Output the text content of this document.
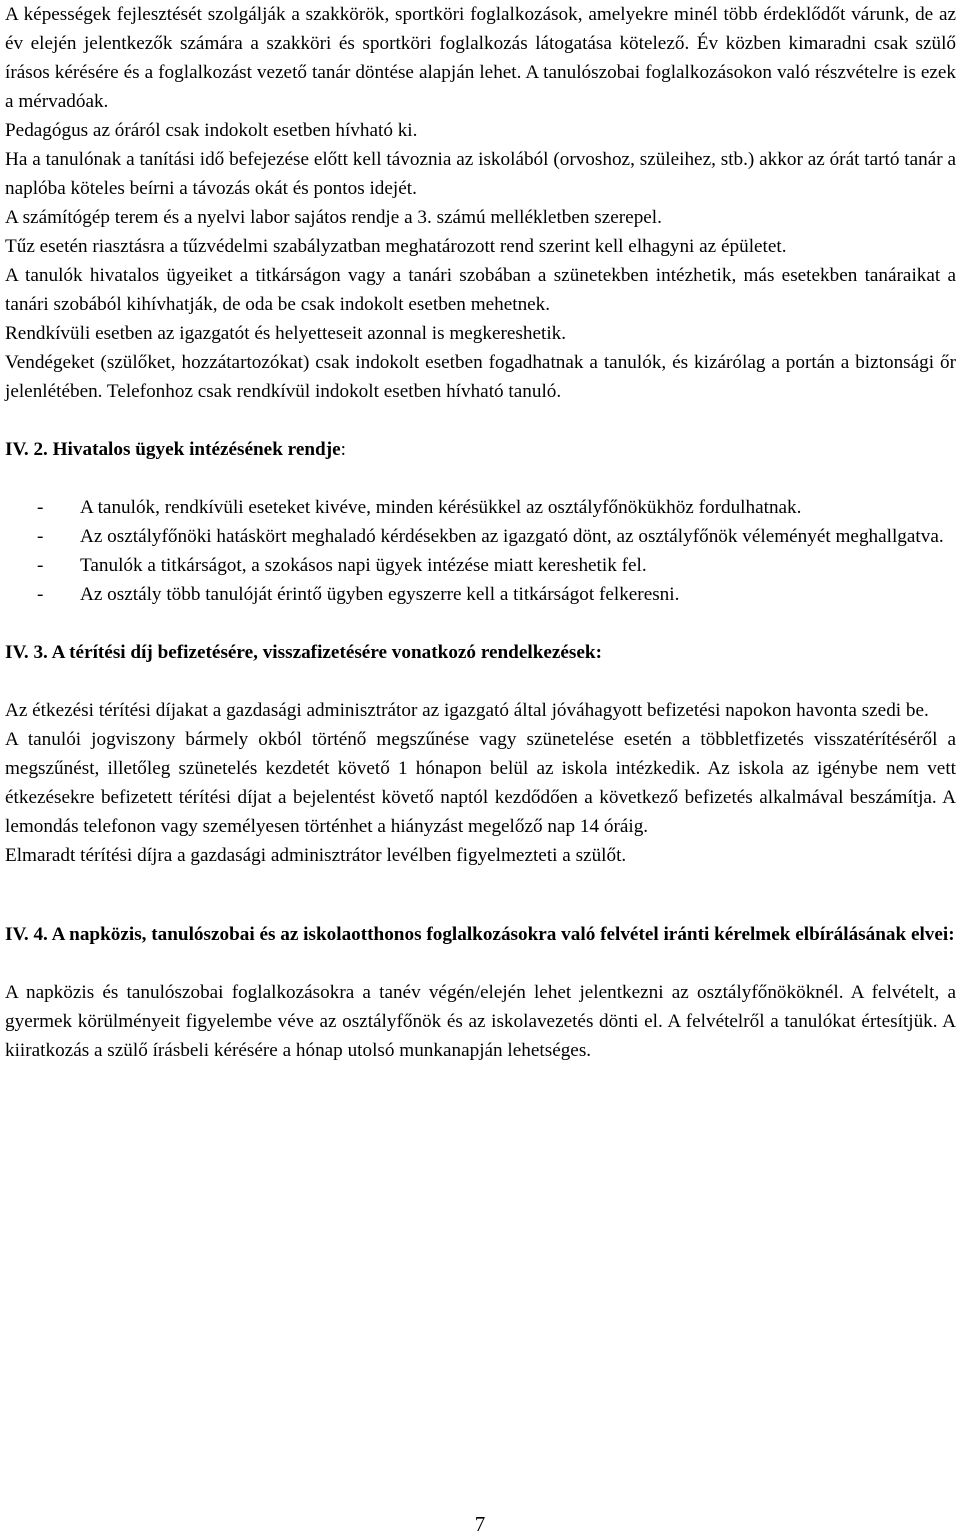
A képességek fejlesztését szolgálják a szakkörök, sportköri foglalkozások, amelyekre minél több érdeklődőt várunk, de az év elején jelentkezők számára a szakköri és sportköri foglalkozás látogatása kötelező. Év közben kimaradni csak szülő írásos kérésére és a foglalkozást vezető tanár döntése alapján lehet. A tanulószobai foglalkozásokon való részvételre is ezek a mérvadóak.

Pedagógus az óráról csak indokolt esetben hívható ki.

Ha a tanulónak a tanítási idő befejezése előtt kell távoznia az iskolából (orvoshoz, szüleihez, stb.) akkor az órát tartó tanár a naplóba köteles beírni a távozás okát és pontos idejét.

A számítógép terem és a nyelvi labor sajátos rendje a 3. számú mellékletben szerepel.

Tűz esetén riasztásra a tűzvédelmi szabályzatban meghatározott rend szerint kell elhagyni az épületet.

A tanulók hivatalos ügyeiket a titkárságon vagy a tanári szobában a szünetekben intézhetik, más esetekben tanáraikat a tanári szobából kihívhatják, de oda be csak indokolt esetben mehetnek.

Rendkívüli esetben az igazgatót és helyetteseit azonnal is megkereshetik.

Vendégeket (szülőket, hozzátartozókat) csak indokolt esetben fogadhatnak a tanulók, és kizárólag a portán a biztonsági őr jelenlétében. Telefonhoz csak rendkívül indokolt esetben hívható tanuló.

IV. 2. Hivatalos ügyek intézésének rendje:

- A tanulók, rendkívüli eseteket kivéve, minden kérésükkel az osztályfőnökükhöz fordulhatnak.
- Az osztályfőnöki hatáskört meghaladó kérdésekben az igazgató dönt, az osztályfőnök véleményét meghallgatva.
- Tanulók a titkárságot, a szokásos napi ügyek intézése miatt kereshetik fel.
- Az osztály több tanulóját érintő ügyben egyszerre kell a titkárságot felkeresni.

IV. 3. A térítési díj befizetésére, visszafizetésére vonatkozó rendelkezések:

Az étkezési térítési díjakat a gazdasági adminisztrátor az igazgató által jóváhagyott befizetési napokon havonta szedi be.

A tanulói jogviszony bármely okból történő megszűnése vagy szünetelése esetén a többletfizetés visszatérítéséről a megszűnést, illetőleg szünetelés kezdetét követő 1 hónapon belül az iskola intézkedik. Az iskola az igénybe nem vett étkezésekre befizetett térítési díjat a bejelentést követő naptól kezdődően a következő befizetés alkalmával beszámítja. A lemondás telefonon vagy személyesen történhet a hiányzást megelőző nap 14 óráig.

Elmaradt térítési díjra a gazdasági adminisztrátor levélben figyelmezteti a szülőt.

IV. 4. A napközis, tanulószobai és az iskolaotthonos foglalkozásokra való felvétel iránti kérelmek elbírálásának elvei:

A napközis és tanulószobai foglalkozásokra a tanév végén/elején lehet jelentkezni az osztályfőnököknél. A felvételt, a gyermek körülményeit figyelembe véve az osztályfőnök és az iskolavezetés dönti el. A felvételről a tanulókat értesítjük. A kiiratkozás a szülő írásbeli kérésére a hónap utolsó munkanapján lehetséges.

7
